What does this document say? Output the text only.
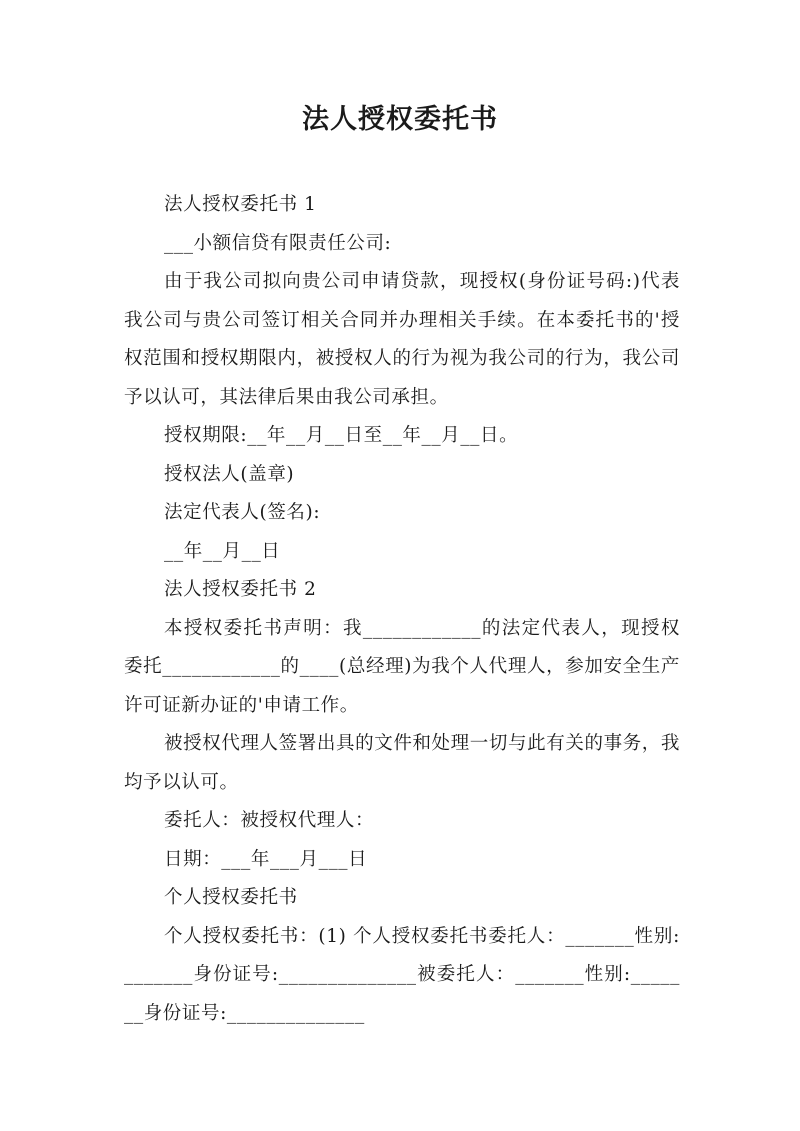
法人授权委托书

法人授权委托书 1

___小额信贷有限责任公司:

由于我公司拟向贵公司申请贷款，现授权(身份证号码:)代表我公司与贵公司签订相关合同并办理相关手续。在本委托书的'授权范围和授权期限内，被授权人的行为视为我公司的行为，我公司予以认可，其法律后果由我公司承担。

授权期限:__年__月__日至__年__月__日。

授权法人(盖章)

法定代表人(签名):

__年__月__日

法人授权委托书 2

本授权委托书声明：我____________的法定代表人，现授权委托____________的____(总经理)为我个人代理人，参加安全生产许可证新办证的'申请工作。

被授权代理人签署出具的文件和处理一切与此有关的事务，我均予以认可。

委托人：被授权代理人：

日期：___年___月___日

个人授权委托书

个人授权委托书：(1) 个人授权委托书委托人：_______性别:_______身份证号:______________被委托人：_______性别:_______身份证号:______________
